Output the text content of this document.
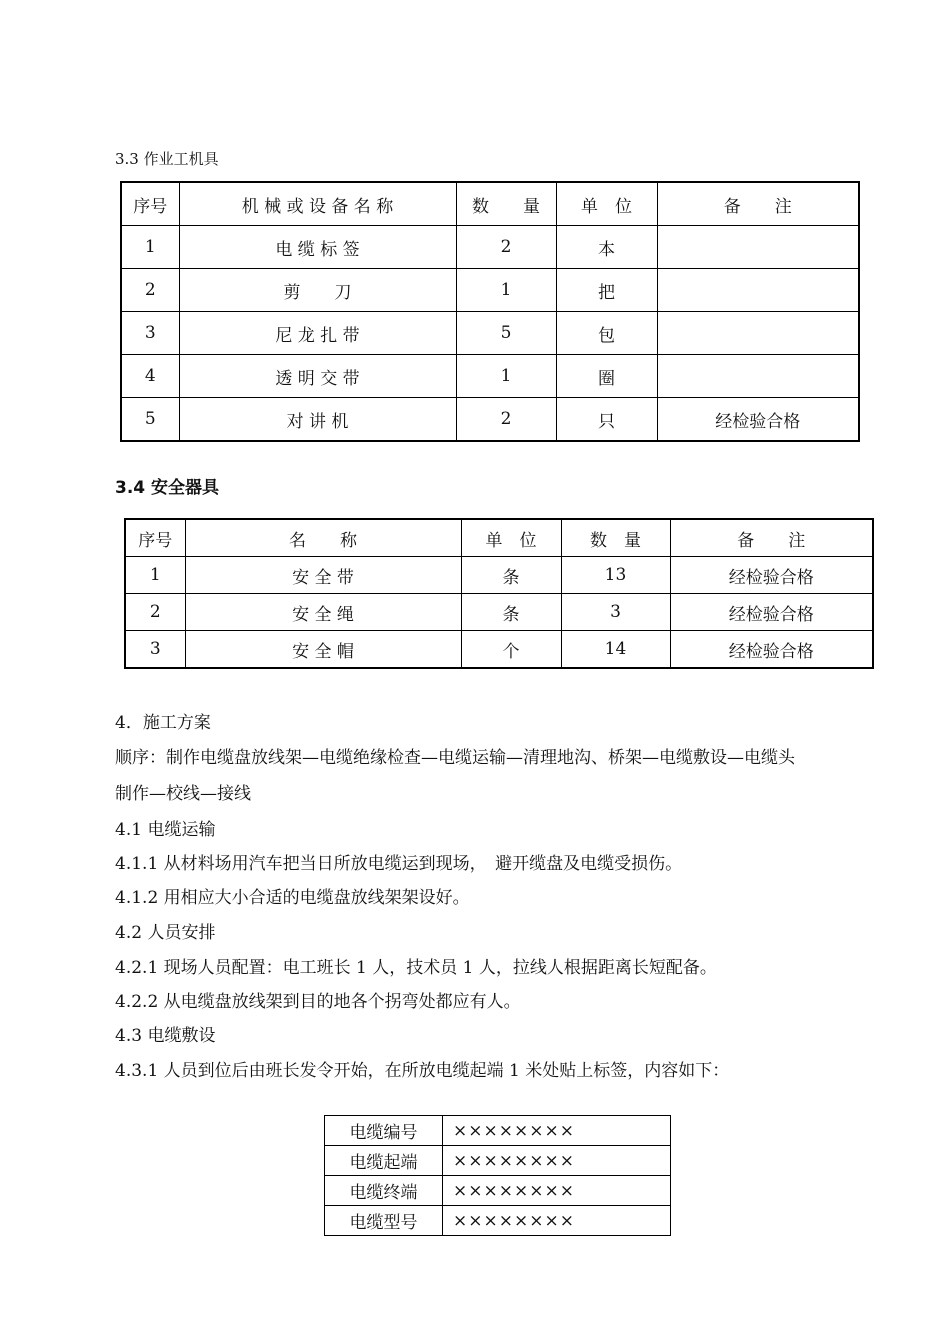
3.3 作业工机具
序号	机 械 或 设 备 名 称	数　　量	单　位	备　　注
1	电 缆 标 签	2	本	
2	剪　　刀	1	把	
3	尼 龙 扎 带	5	包	
4	透 明 交 带	1	圈	
5	对 讲 机	2	只	经检验合格
3.4 安全器具
序号	名　　称	单　位	数　量	备　　注
1	安 全 带	条	13	经检验合格
2	安 全 绳	条	3	经检验合格
3	安 全 帽	个	14	经检验合格
4．施工方案
顺序：制作电缆盘放线架—电缆绝缘检查—电缆运输—清理地沟、桥架—电缆敷设—电缆头
制作—校线—接线
4.1 电缆运输
4.1.1 从材料场用汽车把当日所放电缆运到现场，　避开缆盘及电缆受损伤。
4.1.2 用相应大小合适的电缆盘放线架架设好。
4.2 人员安排
4.2.1 现场人员配置：电工班长 1 人，技术员 1 人，拉线人根据距离长短配备。
4.2.2 从电缆盘放线架到目的地各个拐弯处都应有人。
4.3 电缆敷设
4.3.1 人员到位后由班长发令开始，在所放电缆起端 1 米处贴上标签，内容如下：
电缆编号	××××××××
电缆起端	××××××××
电缆终端	××××××××
电缆型号	××××××××
